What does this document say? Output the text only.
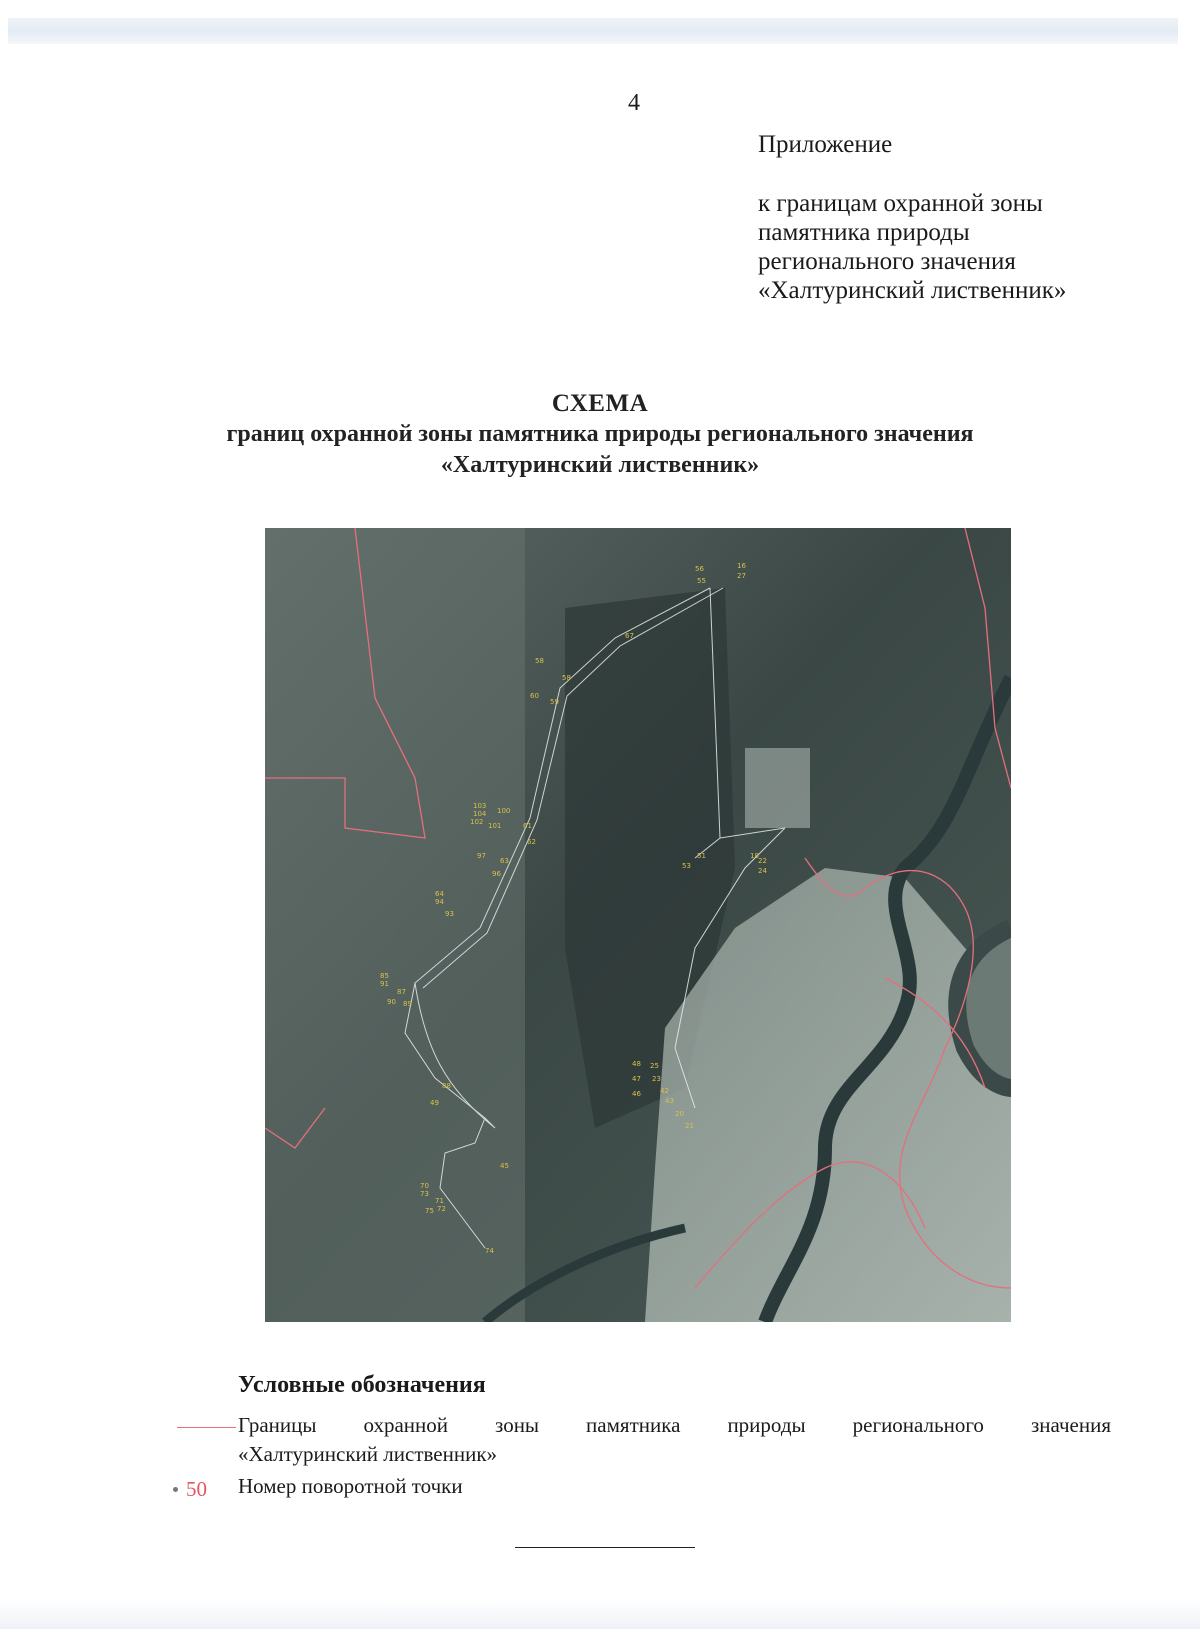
4
Приложение
к границам охранной зоны
памятника природы
регионального значения
«Халтуринский лиственник»
СХЕМА
границ охранной зоны памятника природы регионального значения
«Халтуринский лиственник»
56
58
16
27
55
67
58
60
59
103
104
102 101
100
61
62
63
97
96
64
94
93
85
91
90
87
89
88
49
45
70
73
75
71
72
74
53
51	18
22
24
48
47
46
25
23
42
43
20
21
Условные обозначения
Границы охранной зоны памятника природы регионального значения
«Халтуринский лиственник»
50 Номер поворотной точки
